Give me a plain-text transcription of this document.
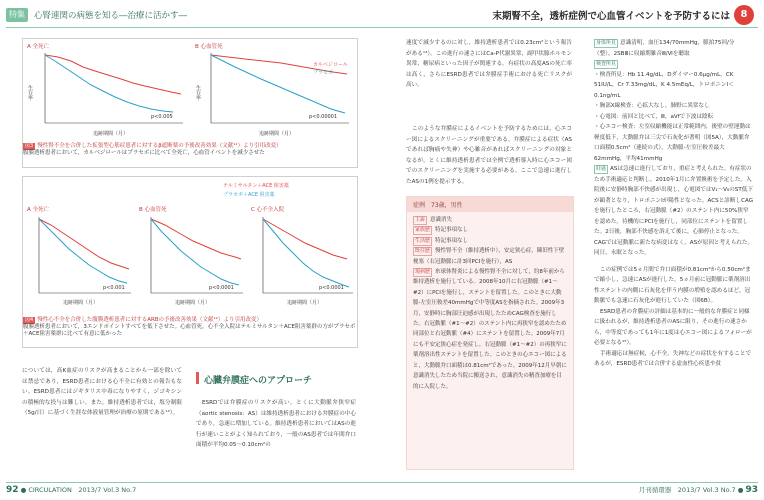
特集	心腎連関の病態を知る―治療に活かす―	末期腎不全，透析症例で心血管イベントを予防するには	8
A 全死亡	B 心血管死
カルベジロール
プラセボ
p<0.005	p<0.00001
追跡期間（月）	追跡期間（月）
生存率	生存率
図3 慢性腎不全を合併した拡張型心筋症患者に対するβ遮断薬の予後改善効果（文献¹¹）より引用改変）
腹膜透析患者において，カルベジロールはプラセボに比べて全死亡，心血管イベントを減少させた
テルミサルタン＋ACE 阻害薬
プラセボ＋ACE 阻害薬
A 全死亡	B 心血管死	C 心不全入院
p<0.001	p<0.0001	p<0.0001
追跡期間（月）	追跡期間（月）	追跡期間（月）
図4 慢性心不全を合併した腹膜透析患者に対するARBの予後改善効果（文献¹²）より引用改変）
腹膜透析患者において，3エンドポイントすべてを低下させた。心血管死，心不全入院はテルミサルタン＋ACE阻害薬群の方がプラセボ＋ACE阻害薬群に比べて有意に低かった
については，高K血症のリスクが高まることから一部を除いては禁忌であり，ESRD患者における心不全に有効との報告もない。ESRD患者にはジギタリス中毒になりやすく，ジゴキシンの積極的な投与は難しい。また，維持透析患者では，塩分制限（5g/日）に基づく生涯な体液量管理が治療の原則である¹³）。
心臓弁膜症へのアプローチ
ESRDでは弁膜症のリスクが高い。とくに大動脈弁狭窄症（aortic stenosis：AS）は維持透析患者における弁膜症の中心であり，急速に増加している。維持透析患者においてはASの進行が速いことがよく知られており，一般のAS患者では年間弁口面積が平均0.05〜0.10cm²の
速度で減少するのに対し，維持透析患者では0.23cm²という報告がある¹⁴）。この進行の速さにはCa-P代謝異常，副甲状腺ホルモン異常，糖尿病といった因子が関連する。有症状の高度ASの死亡率は高く，さらにESRD患者では弁膜症手術における死亡リスクが高い。
このような弁膜症によるイベントを予防するためには，心エコー図によるスクリーニングが重要である。弁膜症による症状（ASであれば胸痛や失神）や心雑音があればスクリーニングの対象となるが，とくに維持透析患者では全例で透析導入時に心エコー図でのスクリーニングを実施する必要がある。ここで急速に進行したASの1例を提示する。
症例　73歳，男性
主訴 意識消失
家族歴 特記事項なし
生活歴 特記事項なし
既往歴 慢性腎不全（維持透析中），安定狭心症，陳旧性下壁梗塞（右冠動脈に計3回PCIを施行），AS
現病歴 糸球体腎炎による慢性腎不全に対して，約8年前から維持透析を施行している。2008年10月に右冠動脈（#1〜#2）にPCIを施行し，ステントを留置した。このときに大動脈-左室圧較差40mmHgで中等度ASを指摘された。2009年3月，安静時に胸部圧迫感が出現したためCAG検査を施行した。右冠動脈（#1〜#2）のステント内に再狭窄を認めたため同部位と右冠動脈（#4）にステントを留置した。2009年7月にも不安定狭心症を発症し，右冠動脈（#1〜#2）の再狭窄に薬剤溶出性ステントを留置した。このときの心エコー図によると，大動脈弁口面積は0.81cm²であった。2009年12月早朝に意識消失したため当院に搬送され，意識消失の精査加療を目的に入院した。
身体所見 意識清明，血圧134/70mmHg，脈拍75回/分（整），2SBⅢに収縮期雑音Ⅲ/Ⅵを聴取
検査所見
・検査所見：Hb 11.4g/dL，Dダイマー0.6μg/mL，CK 51IU/L，Cr 7.33mg/dL，K 4.5mEq/L，トロポニンI＜0.1ng/mL
・胸部X線検査：心拡大なし，肺野に異常なし
・心電図：前回と比べて，Ⅲ，aVfで下波は陰転
・心エコー検査：左室収縮機能は正常範囲内，後壁の壁運動は軽度低下，大動脈弁は三尖で石灰化が著明（図5A），大動脈弁口面積0.5cm²（連続の式），大動脈-左室圧較差最大62mmHg，平均41mmHg
経過 ASは急速に進行しており，重症と考えられた。有症状のため手術適応と判断し，2010年1月に弁置換術を予定した。入院後に安静時胸部不快感が出現し，心電図ではV₁〜V₆のST低下が顕著となり，トロポニンIが陽性となった。ACSと診断しCAGを施行したところ，右冠動脈（#2）のステント内に50%狭窄を認めた。待機的にPCIを施行し，同部位にステントを留置した。2日後，胸部不快感を訴えて後に，心肺停止となった。CAGでは冠動脈に新たな病変はなく，ASが原因と考えられた。同日，永眠となった。
この症例では5ヵ月間で弁口面積が0.81cm²から0.50cm²まで縮小し，急速にASが進行した。5ヵ月前に冠動脈に薬剤溶出性ステントの内側に石灰化を伴う内膜の増殖を認めるほど，冠動脈でも急速に石灰化が進行していた（図6B）。
ESRD患者の弁膜症の評価は基本的に一般的な弁膜症と同様に扱われるが，維持透析患者のASに限り，その進行の速さから，中等度であっても1年に1度は心エコー図によるフォローが必要となる¹⁵）。
手術適応は無症候，心不全，失神などの症状を有することであるが，ESRD患者では合併する虚血性心疾患や貧
92 ● CIRCULATION　2013/7 Vol.3 No.7	月刊循環器　2013/7 Vol.3 No.7 ● 93
